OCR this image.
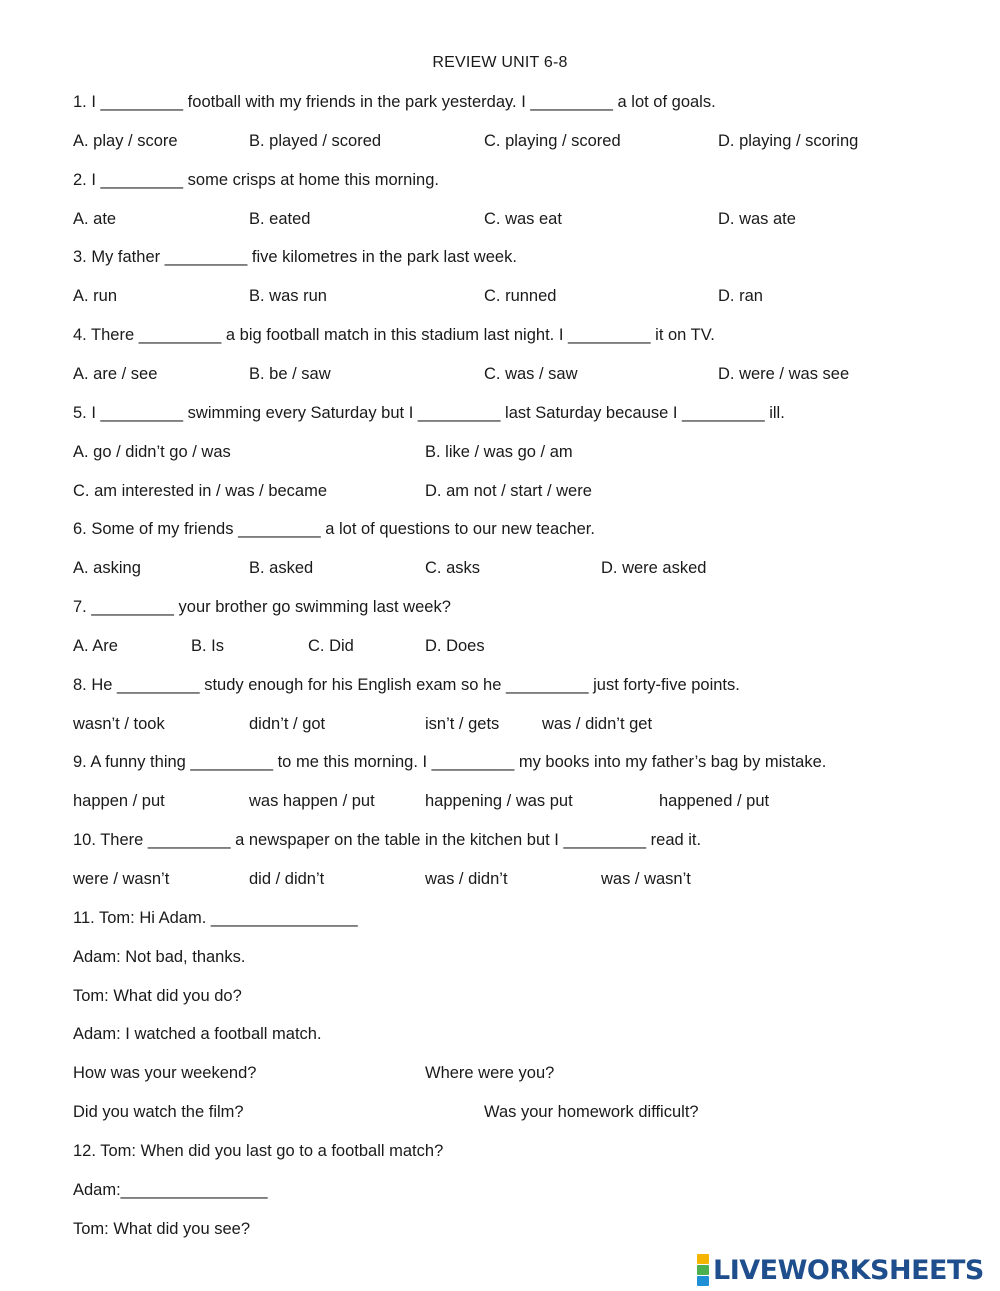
REVIEW UNIT 6-8
1. I _________ football with my friends in the park yesterday. I _________ a lot of goals.
A. play / score	B. played / scored	C. playing / scored	D. playing / scoring
2. I _________ some crisps at home this morning.
A. ate	B. eated	C. was eat	D. was ate
3. My father _________ five kilometres in the park last week.
A. run	B. was run	C. runned	D. ran
4. There _________ a big football match in this stadium last night. I _________ it on TV.
A. are / see	B. be / saw	C. was / saw	D. were / was see
5. I _________ swimming every Saturday but I _________ last Saturday because I _________ ill.
A. go / didn’t go / was	B. like / was go / am
C. am interested in / was / became	D. am not / start / were
6. Some of my friends _________ a lot of questions to our new teacher.
A. asking	B. asked	C. asks	D. were asked
7. _________ your brother go swimming last week?
A. Are	B. Is	C. Did	D. Does
8. He _________ study enough for his English exam so he _________ just forty-five points.
wasn’t / took	didn’t / got	isn’t / gets	was / didn’t get
9. A funny thing _________ to me this morning. I _________ my books into my father’s bag by mistake.
happen / put	was happen / put	happening / was put	happened / put
10. There _________ a newspaper on the table in the kitchen but I _________ read it.
were / wasn’t	did / didn’t	was / didn’t	was / wasn’t
11. Tom: Hi Adam. ________________
Adam: Not bad, thanks.
Tom: What did you do?
Adam: I watched a football match.
How was your weekend?	Where were you?
Did you watch the film?	Was your homework difficult?
12. Tom: When did you last go to a football match?
Adam:________________
Tom: What did you see?
LIVEWORKSHEETS
